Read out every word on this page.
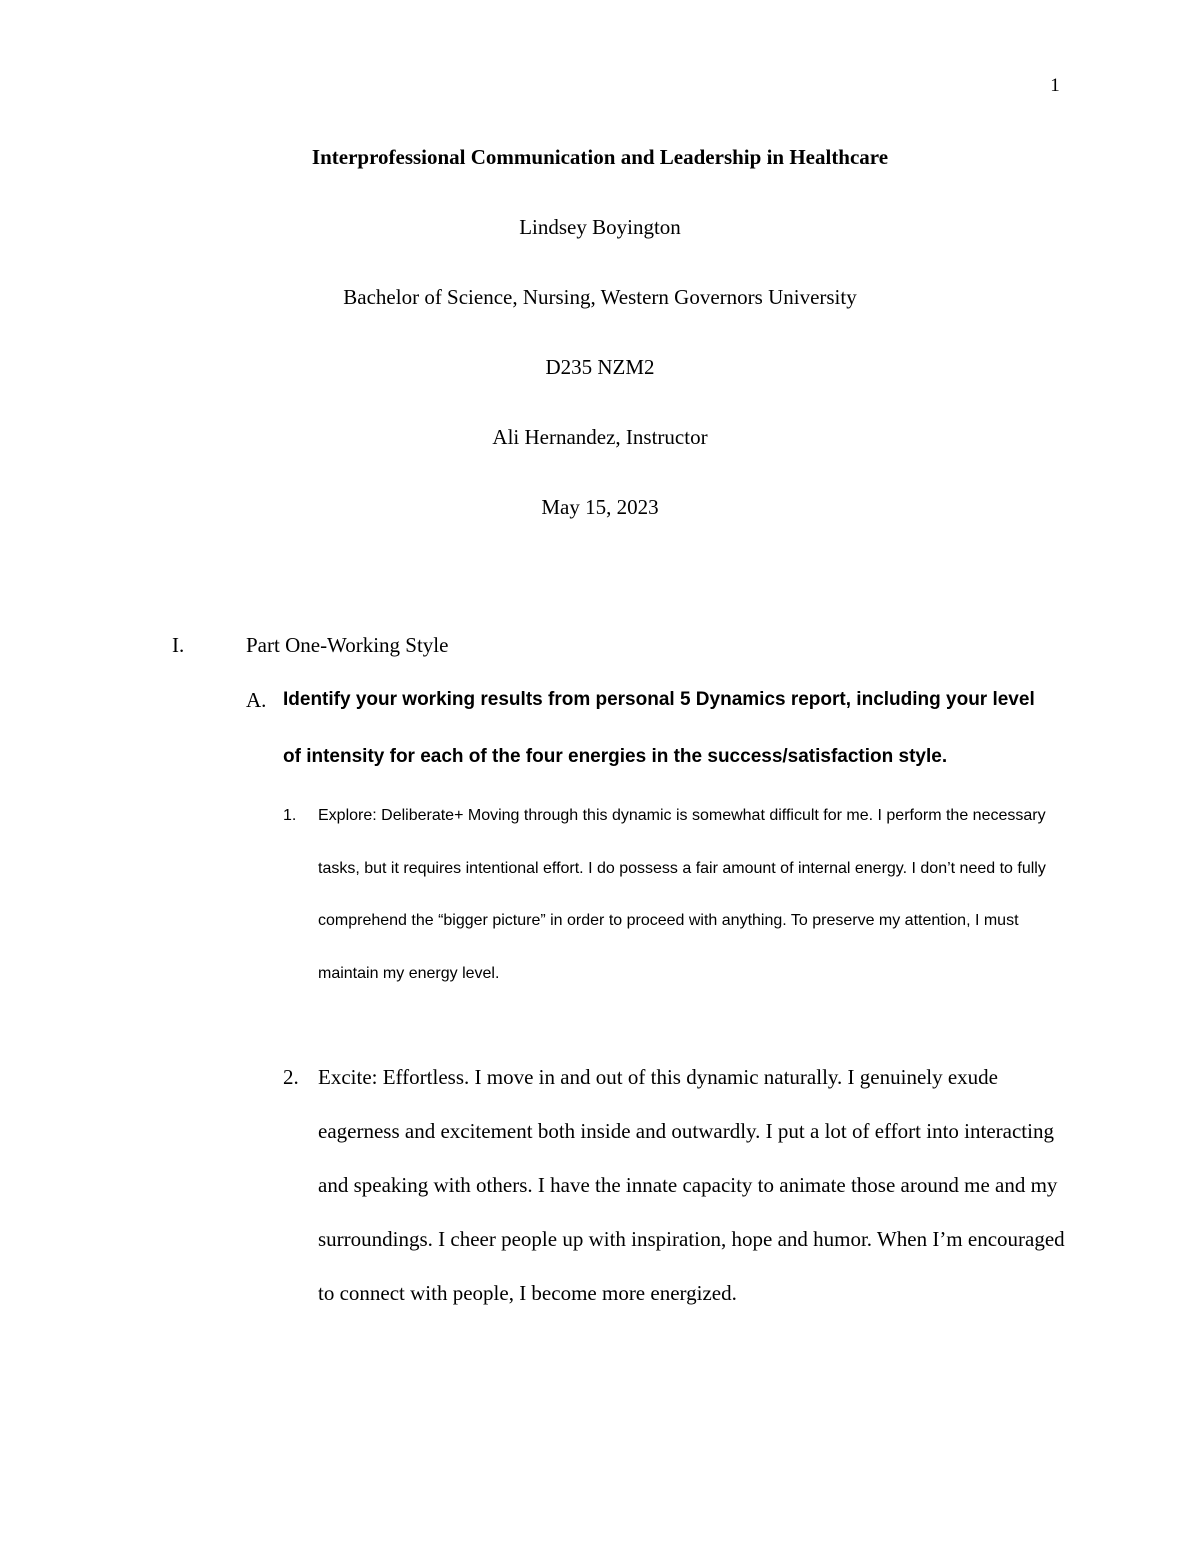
1
Interprofessional Communication and Leadership in Healthcare
Lindsey Boyington
Bachelor of Science, Nursing, Western Governors University
D235 NZM2
Ali Hernandez, Instructor
May 15, 2023
I.	Part One-Working Style
A. Identify your working results from personal 5 Dynamics report, including your level of intensity for each of the four energies in the success/satisfaction style.
1. Explore: Deliberate+ Moving through this dynamic is somewhat difficult for me. I perform the necessary tasks, but it requires intentional effort. I do possess a fair amount of internal energy. I don’t need to fully comprehend the “bigger picture” in order to proceed with anything. To preserve my attention, I must maintain my energy level.
2. Excite: Effortless. I move in and out of this dynamic naturally. I genuinely exude eagerness and excitement both inside and outwardly. I put a lot of effort into interacting and speaking with others. I have the innate capacity to animate those around me and my surroundings. I cheer people up with inspiration, hope and humor. When I’m encouraged to connect with people, I become more energized.
